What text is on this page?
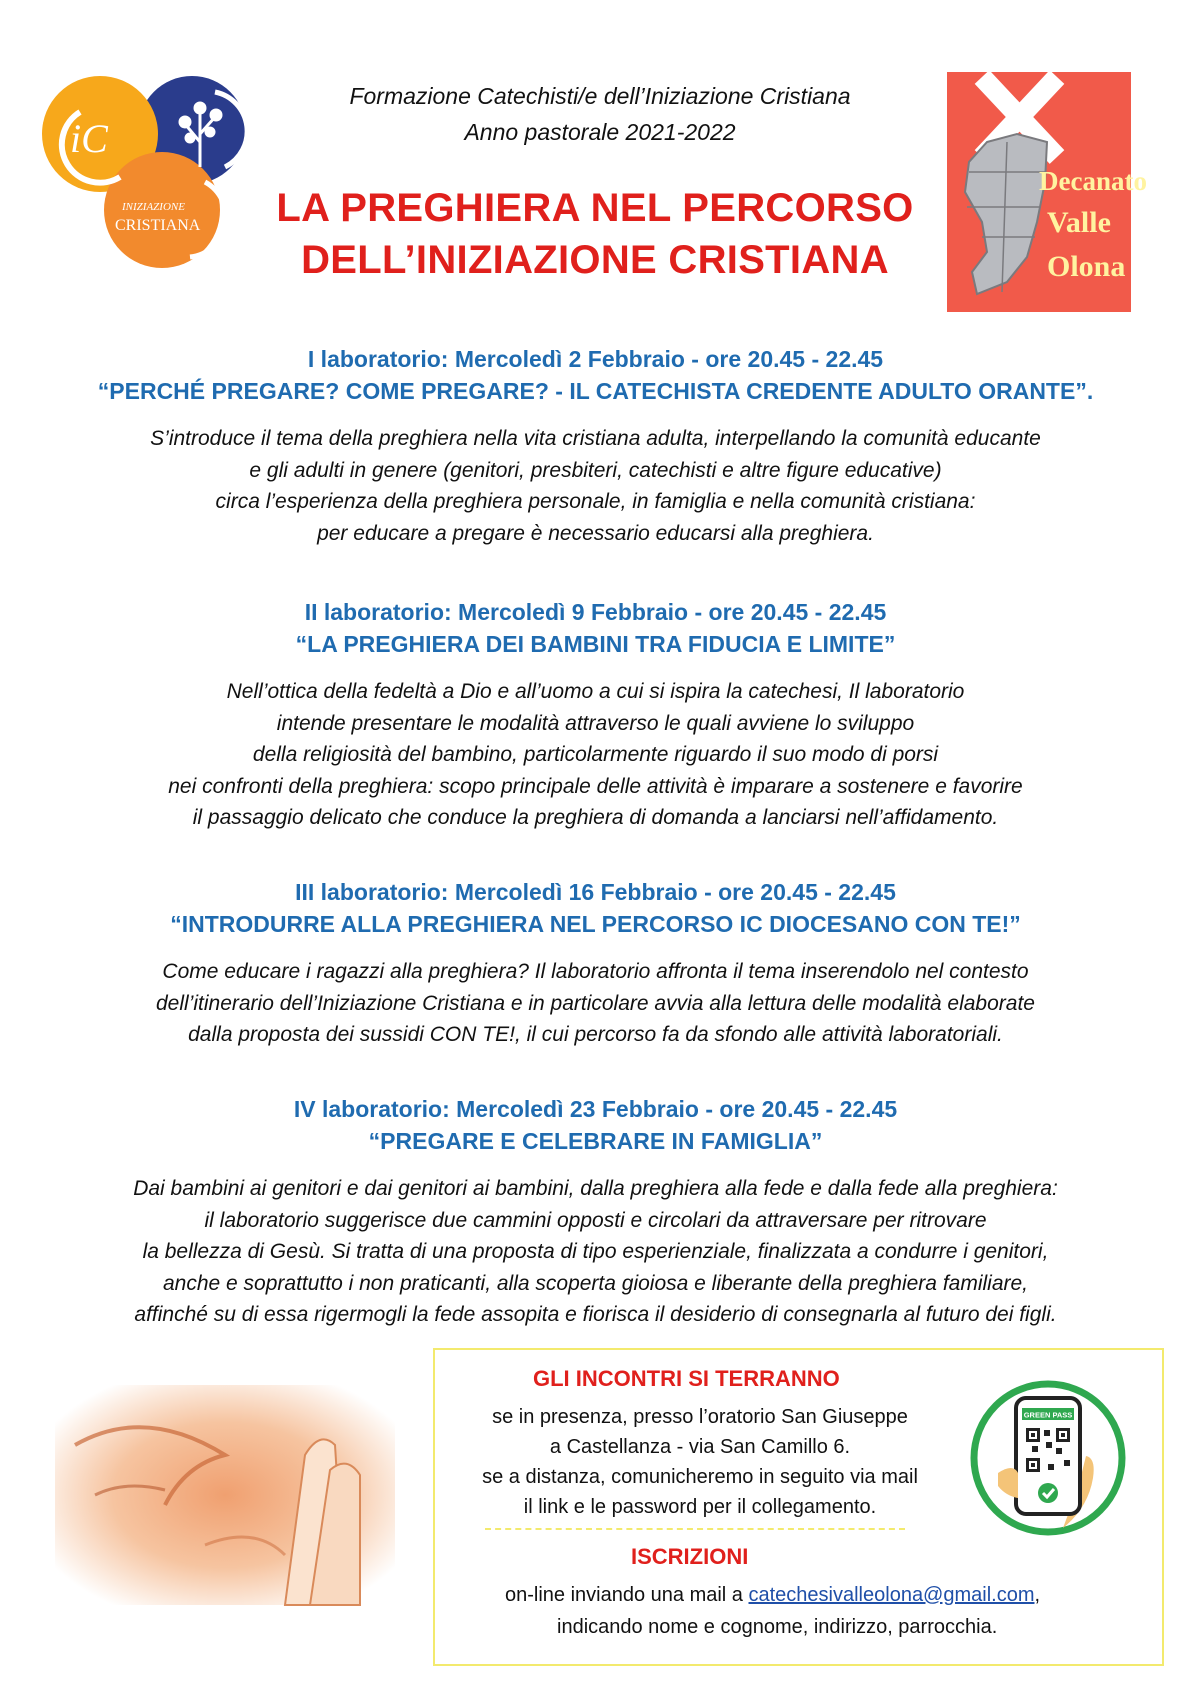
iC
INIZIAZIONE
CRISTIANA
Decanato
Valle
Olona
Formazione Catechisti/e dell’Iniziazione Cristiana
Anno pastorale 2021-2022
LA PREGHIERA NEL PERCORSO
DELL’INIZIAZIONE CRISTIANA
I laboratorio: Mercoledì 2 Febbraio - ore 20.45 - 22.45
“PERCHÉ PREGARE? COME PREGARE? - IL CATECHISTA CREDENTE ADULTO ORANTE”.
S’introduce il tema della preghiera nella vita cristiana adulta, interpellando la comunità educante
e gli adulti in genere (genitori, presbiteri, catechisti e altre figure educative)
circa l’esperienza della preghiera personale, in famiglia e nella comunità cristiana:
per educare a pregare è necessario educarsi alla preghiera.
II laboratorio: Mercoledì 9 Febbraio - ore 20.45 - 22.45
“LA PREGHIERA DEI BAMBINI TRA FIDUCIA E LIMITE”
Nell’ottica della fedeltà a Dio e all’uomo a cui si ispira la catechesi, Il laboratorio
intende presentare le modalità attraverso le quali avviene lo sviluppo
della religiosità del bambino, particolarmente riguardo il suo modo di porsi
nei confronti della preghiera: scopo principale delle attività è imparare a sostenere e favorire
il passaggio delicato che conduce la preghiera di domanda a lanciarsi nell’affidamento.
III laboratorio: Mercoledì 16 Febbraio - ore 20.45 - 22.45
“INTRODURRE ALLA PREGHIERA NEL PERCORSO IC DIOCESANO CON TE!”
Come educare i ragazzi alla preghiera? Il laboratorio affronta il tema inserendolo nel contesto
dell’itinerario dell’Iniziazione Cristiana e in particolare avvia alla lettura delle modalità elaborate
dalla proposta dei sussidi CON TE!, il cui percorso fa da sfondo alle attività laboratoriali.
IV laboratorio: Mercoledì 23 Febbraio - ore 20.45 - 22.45
“PREGARE E CELEBRARE IN FAMIGLIA”
Dai bambini ai genitori e dai genitori ai bambini, dalla preghiera alla fede e dalla fede alla preghiera:
il laboratorio suggerisce due cammini opposti e circolari da attraversare per ritrovare
la bellezza di Gesù. Si tratta di una proposta di tipo esperienziale, finalizzata a condurre i genitori,
anche e soprattutto i non praticanti, alla scoperta gioiosa e liberante della preghiera familiare,
affinché su di essa rigermogli la fede assopita e fiorisca il desiderio di consegnarla al futuro dei figli.
GLI INCONTRI SI TERRANNO
se in presenza, presso l’oratorio San Giuseppe
a Castellanza - via San Camillo 6.
se a distanza, comunicheremo in seguito via mail
il link e le password per il collegamento.
ISCRIZIONI
on-line inviando una mail a catechesivalleolona@gmail.com,
indicando nome e cognome, indirizzo, parrocchia.
GREEN PASS
